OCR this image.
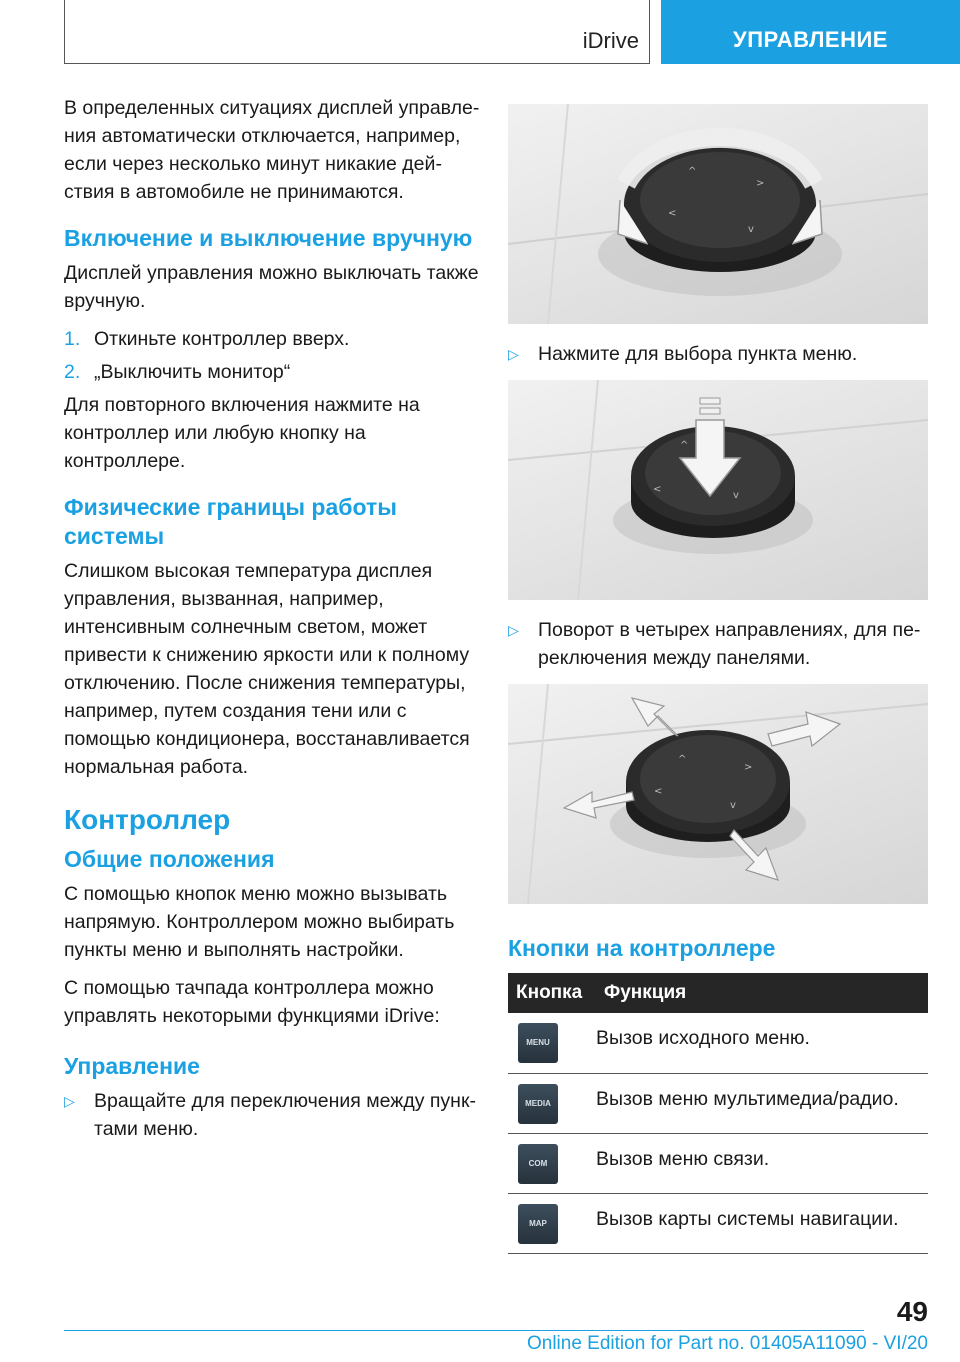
iDrive	УПРАВЛЕНИЕ

В определенных ситуациях дисплей управления автоматически отключается, например, если через несколько минут никакие действия в автомобиле не принимаются.

Включение и выключение вручную

Дисплей управления можно выключать также вручную.

1. Откиньте контроллер вверх.
2. „Выключить монитор“

Для повторного включения нажмите на контроллер или любую кнопку на контроллере.

Физические границы работы системы

Слишком высокая температура дисплея управления, вызванная, например, интенсивным солнечным светом, может привести к снижению яркости или к полному отключению. После снижения температуры, например, путем создания тени или с помощью кондиционера, восстанавливается нормальная работа.

Контроллер
Общие положения

С помощью кнопок меню можно вызывать напрямую. Контроллером можно выбирать пункты меню и выполнять настройки.

С помощью тачпада контроллера можно управлять некоторыми функциями iDrive:

Управление
▷ Вращайте для переключения между пунктами меню.
^
>
<
v
▷ Нажмите для выбора пункта меню.
^
<
v
▷ Поворот в четырех направлениях, для переключения между панелями.
^
>
<
v
Кнопки на контроллере
Кнопка	Функция

MENU	Вызов исходного меню.

MEDIA	Вызов меню мультимедиа/радио.

COM	Вызов меню связи.

MAP	Вызов карты системы навигации.
49
Online Edition for Part no. 01405A11090 - VI/20
